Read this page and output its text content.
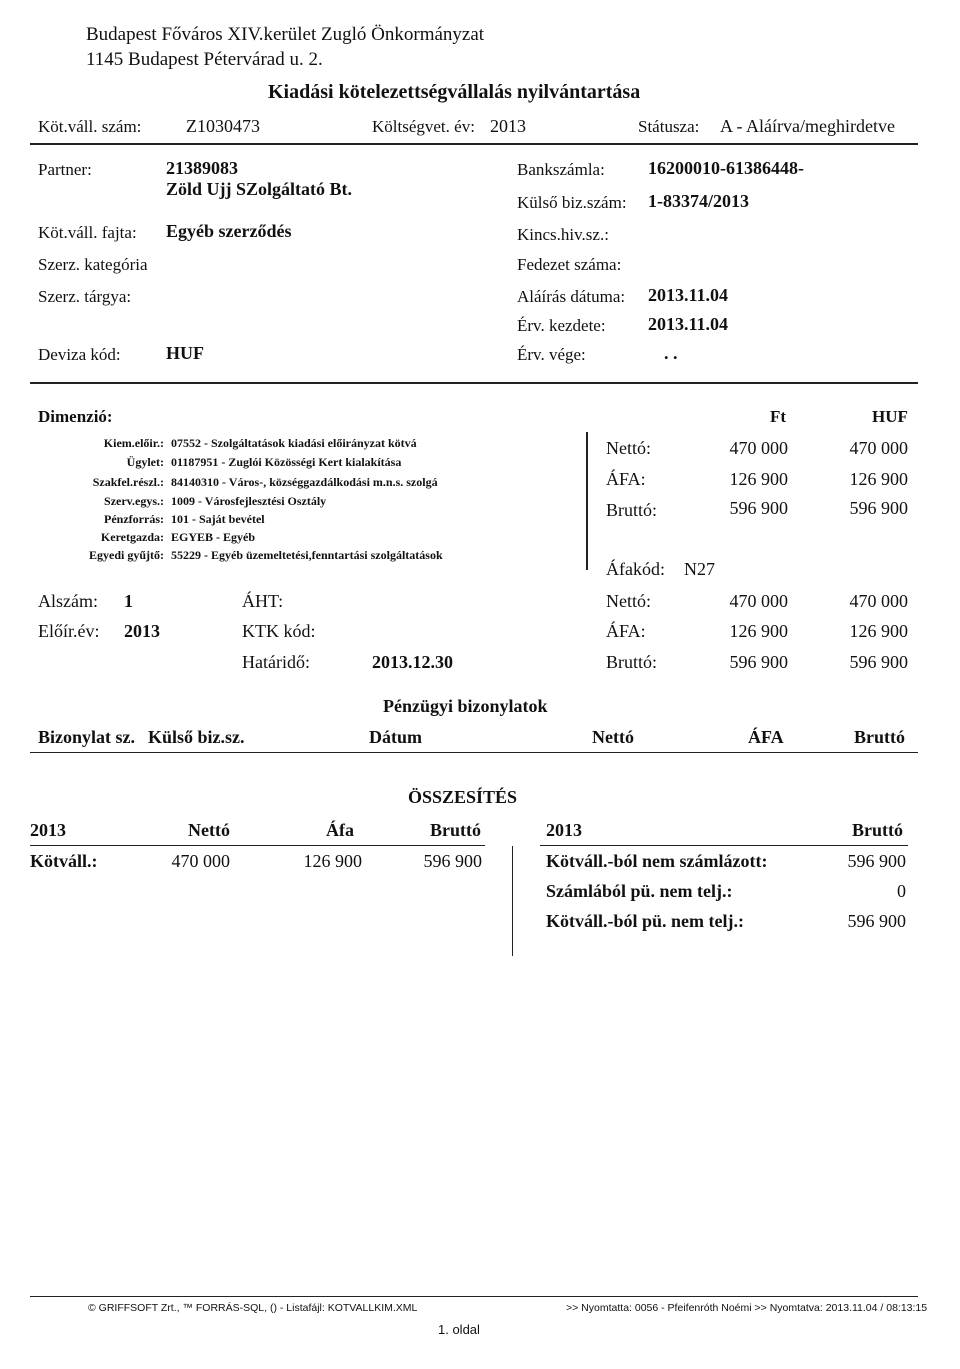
Budapest Főváros XIV.kerület Zugló Önkormányzat
1145 Budapest Pétervárad u. 2.
Kiadási kötelezettségvállalás nyilvántartása
Köt.váll. szám: Z1030473	Költségvet. év: 2013	Státusza: A - Aláírva/meghirdetve
Partner:	21389083
Zöld Ujj SZolgáltató Bt.
Köt.váll. fajta: Egyéb szerződés
Szerz. kategória
Szerz. tárgya:
Deviza kód:	HUF
Bankszámla: 16200010-61386448-
Külső biz.szám: 1-83374/2013
Kincs.hiv.sz.:
Fedezet száma:
Aláírás dátuma: 2013.11.04
Érv. kezdete: 2013.11.04
Érv. vége:	. .
Dimenzió:	Ft	HUF
Kiem.előir.: 07552 - Szolgáltatások kiadási előirányzat kötvá
Ügylet: 01187951 - Zuglói Közösségi Kert kialakítása
Szakfel.részl.: 84140310 - Város-, községgazdálkodási m.n.s. szolgá
Szerv.egys.: 1009 - Városfejlesztési Osztály
Pénzforrás: 101 - Saját bevétel
Keretgazda: EGYEB - Egyéb
Egyedi gyűjtő: 55229 - Egyéb üzemeltetési,fenntartási szolgáltatások
Nettó:	470 000	470 000
ÁFA:	126 900	126 900
Bruttó:	596 900	596 900
Áfakód: N27
Alszám: 1	ÁHT:
Előír.év: 2013	KTK kód:
Határidő:	2013.12.30
Nettó:	470 000	470 000
ÁFA:	126 900	126 900
Bruttó:	596 900	596 900
Pénzügyi bizonylatok
Bizonylat sz. Külső biz.sz.	Dátum	Nettó	ÁFA	Bruttó
ÖSSZESÍTÉS
2013	Nettó	Áfa	Bruttó
Kötváll.:	470 000	126 900	596 900
2013	Bruttó
Kötváll.-ból nem számlázott:	596 900
Számlából pü. nem telj.:	0
Kötváll.-ból pü. nem telj.:	596 900
© GRIFFSOFT Zrt., ™ FORRÁS-SQL, () - Listafájl: KOTVALLKIM.XML	>> Nyomtatta: 0056 - Pfeifenróth Noémi >> Nyomtatva: 2013.11.04 / 08:13:15
1. oldal
